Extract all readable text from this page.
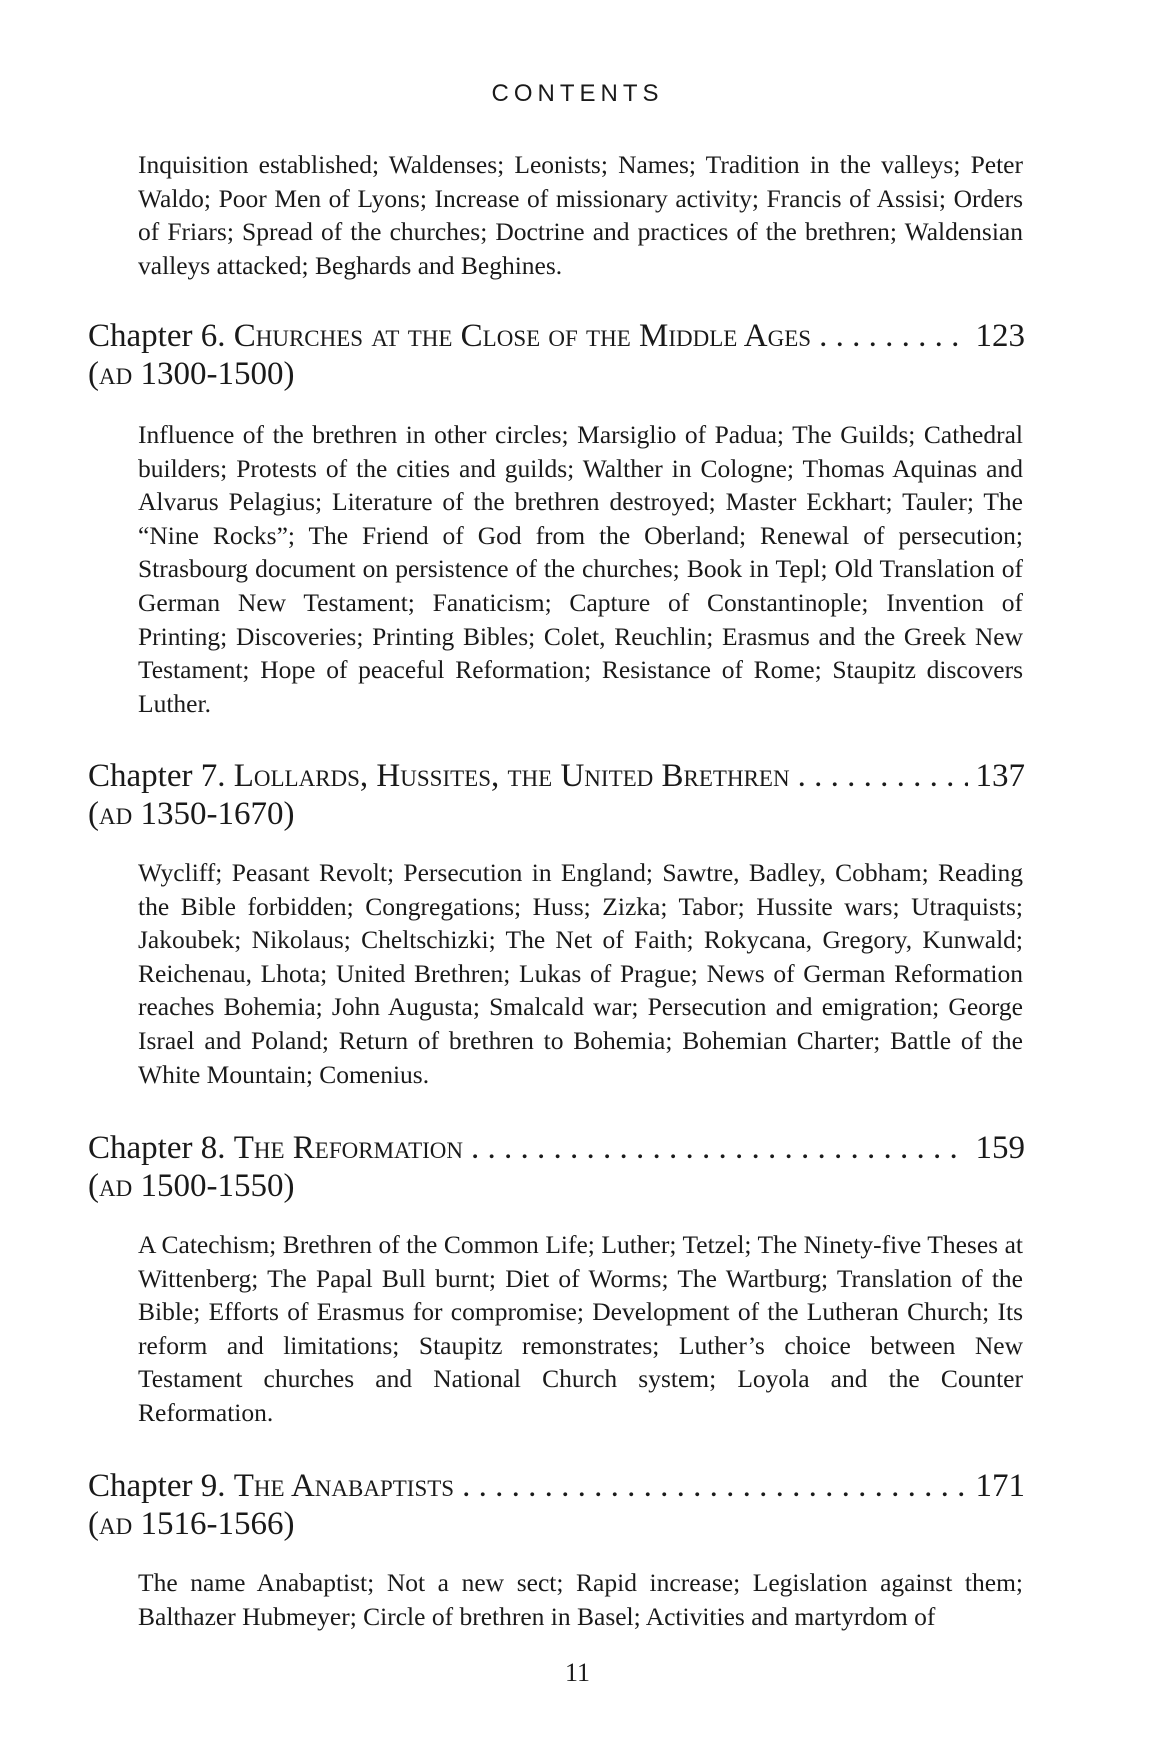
CONTENTS

Inquisition established; Waldenses; Leonists; Names; Tradition in the valleys; Peter Waldo; Poor Men of Lyons; Increase of missionary activity; Francis of Assisi; Orders of Friars; Spread of the churches; Doctrine and practices of the brethren; Waldensian valleys attacked; Beghards and Beghines.

Chapter 6.
Churches at the Close of the Middle Ages . . .	123
(ad 1300-1500)

Influence of the brethren in other circles; Marsiglio of Padua; The Guilds; Cathedral builders; Protests of the cities and guilds; Walther in Cologne; Thomas Aquinas and Alvarus Pelagius; Literature of the brethren destroyed; Master Eckhart; Tauler; The “Nine Rocks”; The Friend of God from the Oberland; Renewal of persecution; Strasbourg document on persistence of the churches; Book in Tepl; Old Translation of German New Testament; Fanaticism; Capture of Constantinople; Invention of Printing; Discoveries; Printing Bibles; Colet, Reuchlin; Erasmus and the Greek New Testament; Hope of peaceful Reformation; Resistance of Rome; Staupitz discovers Luther.

Chapter 7.
Lollards, Hussites, the United Brethren . . .	137
(ad 1350-1670)

Wycliff; Peasant Revolt; Persecution in England; Sawtre, Badley, Cobham; Reading the Bible forbidden; Congregations; Huss; Zizka; Tabor; Hussite wars; Utraquists; Jakoubek; Nikolaus; Cheltschizki; The Net of Faith; Rokycana, Gregory, Kunwald; Reichenau, Lhota; United Brethren; Lukas of Prague; News of German Reformation reaches Bohemia; John Augusta; Smalcald war; Persecution and emigration; George Israel and Poland; Return of brethren to Bohemia; Bohemian Charter; Battle of the White Mountain; Comenius.

Chapter 8.
The Reformation . . .	159
(ad 1500-1550)

A Catechism; Brethren of the Common Life; Luther; Tetzel; The Ninety-five Theses at Wittenberg; The Papal Bull burnt; Diet of Worms; The Wartburg; Translation of the Bible; Efforts of Erasmus for compromise; Development of the Lutheran Church; Its reform and limitations; Staupitz remonstrates; Luther’s choice between New Testament churches and National Church system; Loyola and the Counter Reformation.

Chapter 9.
The Anabaptists . . .	171
(ad 1516-1566)

The name Anabaptist; Not a new sect; Rapid increase; Legislation against them; Balthazer Hubmeyer; Circle of brethren in Basel; Activities and martyrdom of

11
